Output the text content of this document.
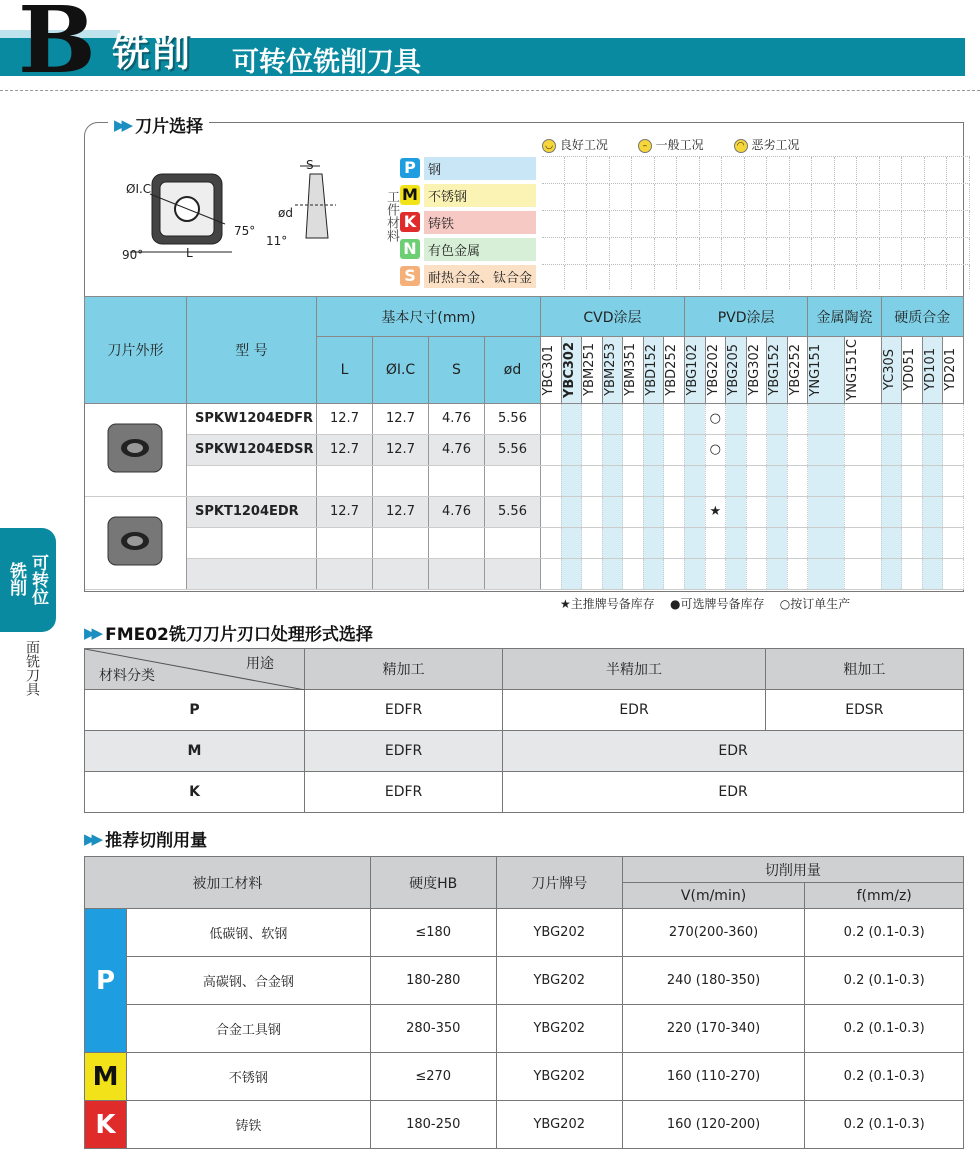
B 铣削 可转位铣削刀具
铣削 可转位
面铣刀具
▶▶ 刀片选择
◡ 良好工况	– 一般工况	◠ 恶劣工况
ØI.C
L
90°
75°
S
ød
11°	工件材料
P 钢
M 不锈钢
K 铸铁
N 有色金属
S 耐热合金、钛合金
刀片外形	型 号	基本尺寸(mm)				CVD涂层							PVD涂层						金属陶瓷		硬质合金			
		L	ØI.C	S	ød	YBC301	YBC302	YBM251	YBM253	YBM351	YBD152	YBD252	YBG102	YBG202	YBG205	YBG302	YBG152	YBG252	YNG151	YNG151C	YC30S	YD051	YD101	YD201

	SPKW1204EDFR	12.7	12.7	4.76	5.56									○										
	SPKW1204EDSR	12.7	12.7	4.76	5.56									○										

	SPKT1204EDR	12.7	12.7	4.76	5.56									★										

★主推牌号备库存    ●可选牌号备库存    ○按订单生产
▶▶ FME02铣刀刀片刃口处理形式选择
用途
材料分类	精加工	半精加工	粗加工
P	EDFR	EDR	EDSR
M	EDFR	EDR	
K	EDFR	EDR	
▶▶ 推荐切削用量
被加工材料		硬度HB	刀片牌号	切削用量	
				V(m/min)	f(mm/z)
P	低碳钢、软钢	≤180	YBG202	270(200-360)	0.2 (0.1-0.3)
	高碳钢、合金钢	180-280	YBG202	240 (180-350)	0.2 (0.1-0.3)
	合金工具钢	280-350	YBG202	220 (170-340)	0.2 (0.1-0.3)
M	不锈钢	≤270	YBG202	160 (110-270)	0.2 (0.1-0.3)
K	铸铁	180-250	YBG202	160 (120-200)	0.2 (0.1-0.3)
